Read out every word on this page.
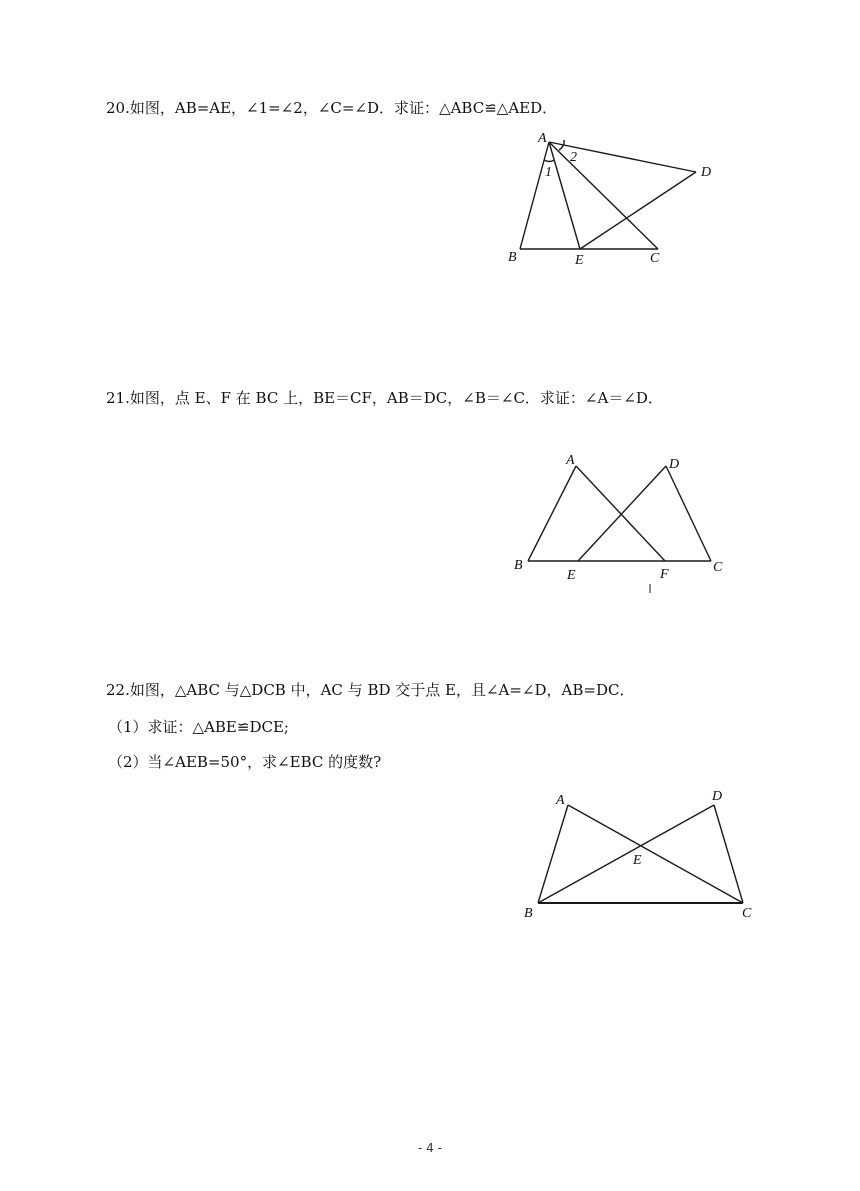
20.如图，AB=AE，∠1=∠2，∠C=∠D．求证：△ABC≌△AED．
A
B	E	C
D
1
2
21.如图，点 E、F 在 BC 上，BE＝CF，AB＝DC，∠B＝∠C．求证：∠A＝∠D．
A	D
B
E	F	C
22.如图，△ABC 与△DCB 中，AC 与 BD 交于点 E，且∠A=∠D，AB=DC．
（1）求证：△ABE≌DCE;
（2）当∠AEB=50°，求∠EBC 的度数?
A	D
E
B	C
- 4 -
